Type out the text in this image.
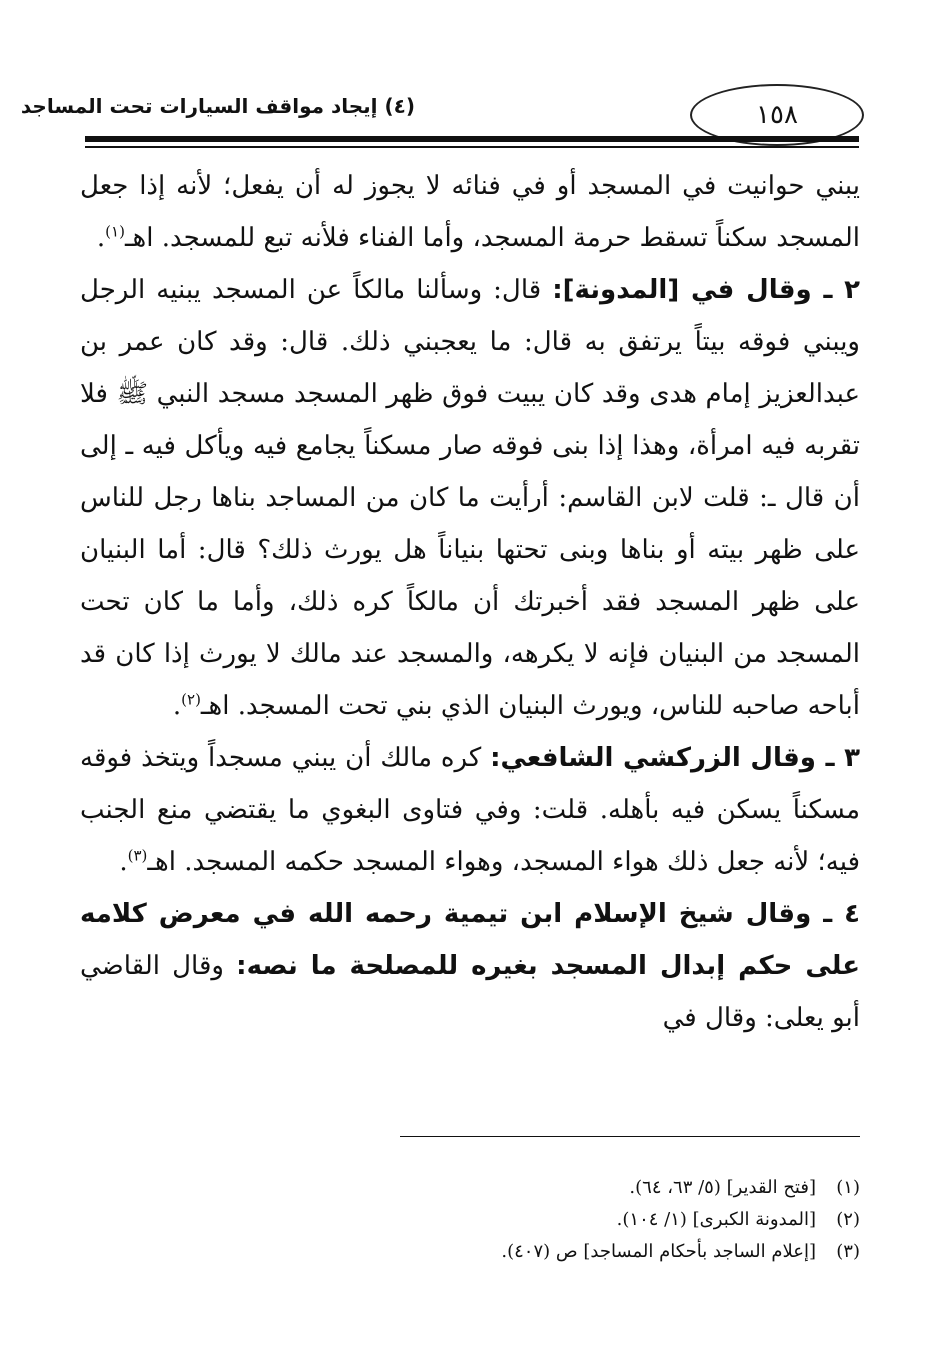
١٥٨
(٤) إيجاد مواقف السيارات تحت المساجد

يبني حوانيت في المسجد أو في فنائه لا يجوز له أن يفعل؛ لأنه إذا جعل المسجد سكناً تسقط حرمة المسجد، وأما الفناء فلأنه تبع للمسجد. اهـ$^{(١)}$.

٢ ـ وقال في [المدونة]: قال: وسألنا مالكاً عن المسجد يبنيه الرجل ويبني فوقه بيتاً يرتفق به قال: ما يعجبني ذلك. قال: وقد كان عمر بن عبدالعزيز إمام هدى وقد كان يبيت فوق ظهر المسجد مسجد النبي ﷺ فلا تقربه فيه امرأة، وهذا إذا بنى فوقه صار مسكناً يجامع فيه ويأكل فيه ـ إلى أن قال ـ: قلت لابن القاسم: أرأيت ما كان من المساجد بناها رجل للناس على ظهر بيته أو بناها وبنى تحتها بنياناً هل يورث ذلك؟ قال: أما البنيان على ظهر المسجد فقد أخبرتك أن مالكاً كره ذلك، وأما ما كان تحت المسجد من البنيان فإنه لا يكرهه، والمسجد عند مالك لا يورث إذا كان قد أباحه صاحبه للناس، ويورث البنيان الذي بني تحت المسجد. اهـ$^{(٢)}$.

٣ ـ وقال الزركشي الشافعي: كره مالك أن يبني مسجداً ويتخذ فوقه مسكناً يسكن فيه بأهله. قلت: وفي فتاوى البغوي ما يقتضي منع الجنب فيه؛ لأنه جعل ذلك هواء المسجد، وهواء المسجد حكمه المسجد. اهـ$^{(٣)}$.

٤ ـ وقال شيخ الإسلام ابن تيمية رحمه الله في معرض كلامه على حكم إبدال المسجد بغيره للمصلحة ما نصه: وقال القاضي أبو يعلى: وقال في

(١)[فتح القدير] (٥/ ٦٣، ٦٤).
(٢)[المدونة الكبرى] (١/ ١٠٤).
(٣)[إعلام الساجد بأحكام المساجد] ص (٤٠٧).
